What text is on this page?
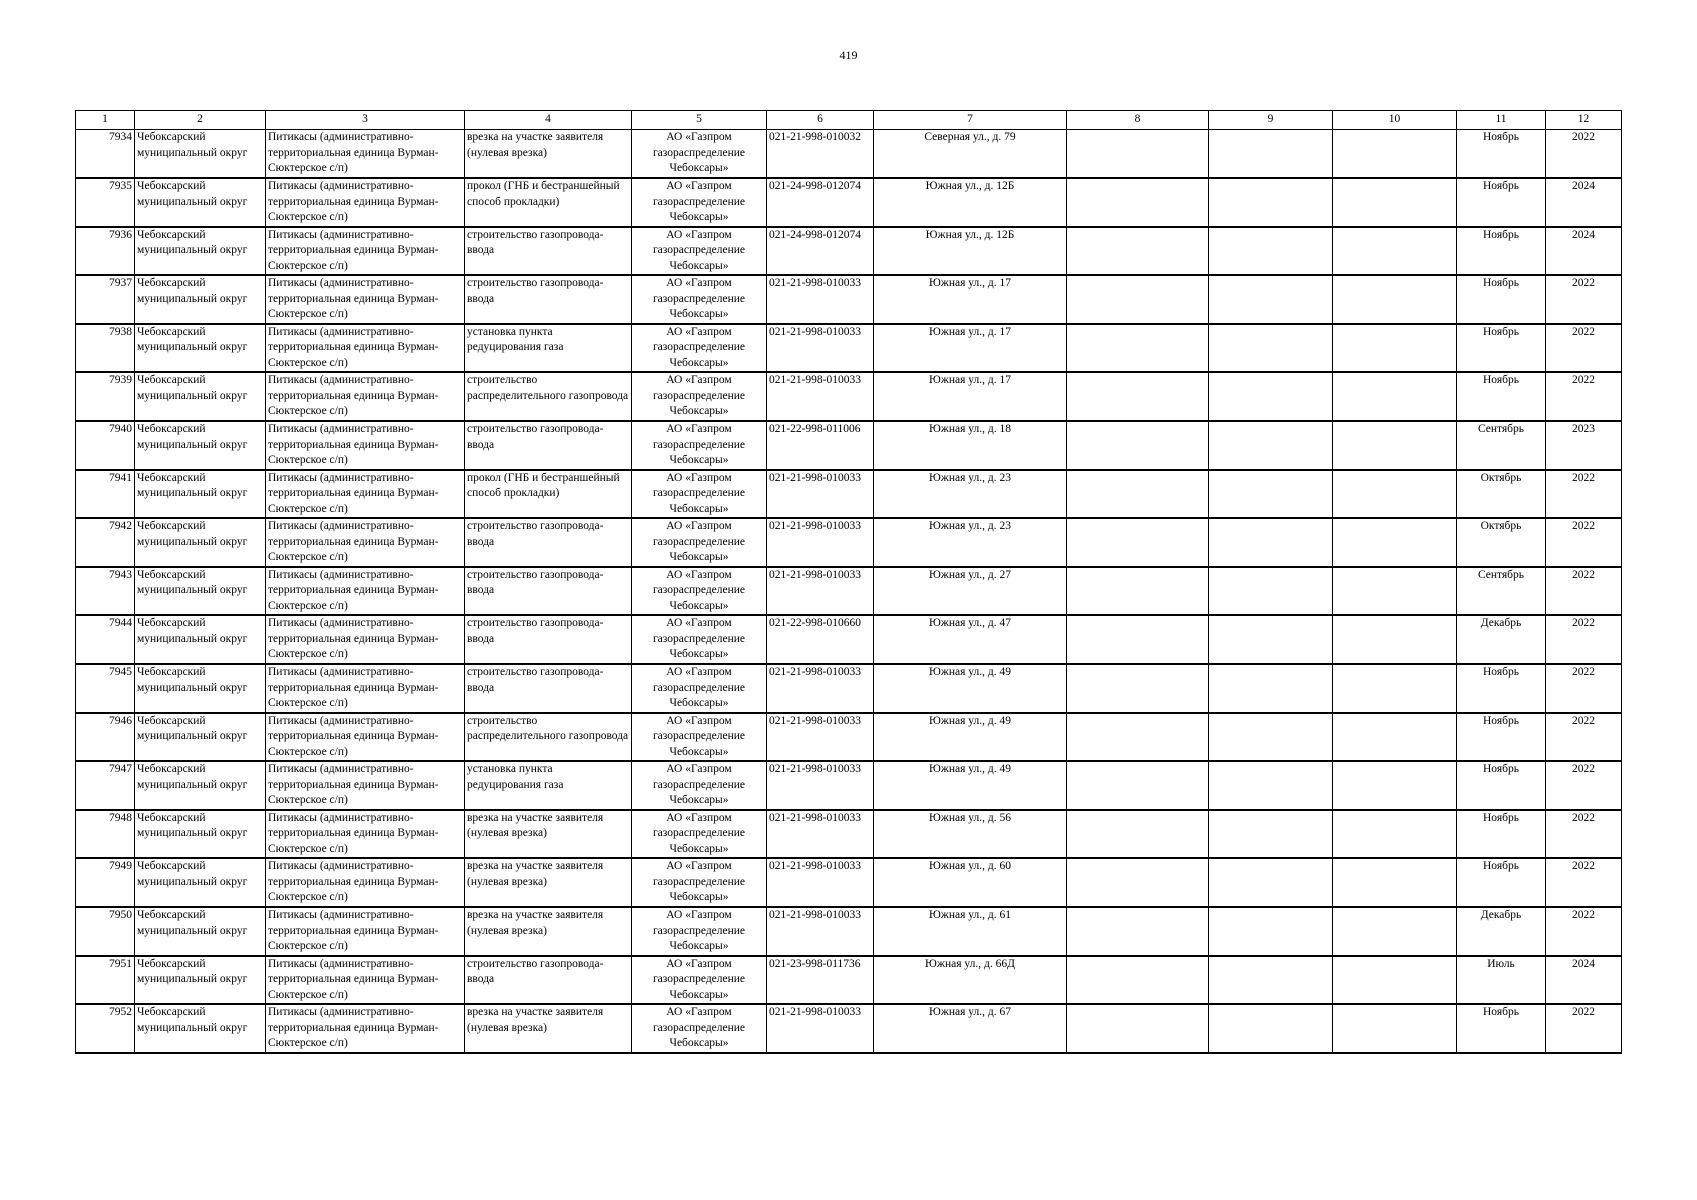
419
1	2	3	4	5	6	7	8	9	10	11	12
7934	Чебоксарский муниципальный округ	Питикасы (административно-территориальная единица Вурман-Сюктерское с/п)	врезка на участке заявителя (нулевая врезка)	АО «Газпром газораспределение Чебоксары»	021-21-998-010032	Северная ул., д. 79				Ноябрь	2022
7935	Чебоксарский муниципальный округ	Питикасы (административно-территориальная единица Вурман-Сюктерское с/п)	прокол (ГНБ и бестраншейный способ прокладки)	АО «Газпром газораспределение Чебоксары»	021-24-998-012074	Южная ул., д. 12Б				Ноябрь	2024
7936	Чебоксарский муниципальный округ	Питикасы (административно-территориальная единица Вурман-Сюктерское с/п)	строительство газопровода-ввода	АО «Газпром газораспределение Чебоксары»	021-24-998-012074	Южная ул., д. 12Б				Ноябрь	2024
7937	Чебоксарский муниципальный округ	Питикасы (административно-территориальная единица Вурман-Сюктерское с/п)	строительство газопровода-ввода	АО «Газпром газораспределение Чебоксары»	021-21-998-010033	Южная ул., д. 17				Ноябрь	2022
7938	Чебоксарский муниципальный округ	Питикасы (административно-территориальная единица Вурман-Сюктерское с/п)	установка пункта редуцирования газа	АО «Газпром газораспределение Чебоксары»	021-21-998-010033	Южная ул., д. 17				Ноябрь	2022
7939	Чебоксарский муниципальный округ	Питикасы (административно-территориальная единица Вурман-Сюктерское с/п)	строительство распределительного газопровода	АО «Газпром газораспределение Чебоксары»	021-21-998-010033	Южная ул., д. 17				Ноябрь	2022
7940	Чебоксарский муниципальный округ	Питикасы (административно-территориальная единица Вурман-Сюктерское с/п)	строительство газопровода-ввода	АО «Газпром газораспределение Чебоксары»	021-22-998-011006	Южная ул., д. 18				Сентябрь	2023
7941	Чебоксарский муниципальный округ	Питикасы (административно-территориальная единица Вурман-Сюктерское с/п)	прокол (ГНБ и бестраншейный способ прокладки)	АО «Газпром газораспределение Чебоксары»	021-21-998-010033	Южная ул., д. 23				Октябрь	2022
7942	Чебоксарский муниципальный округ	Питикасы (административно-территориальная единица Вурман-Сюктерское с/п)	строительство газопровода-ввода	АО «Газпром газораспределение Чебоксары»	021-21-998-010033	Южная ул., д. 23				Октябрь	2022
7943	Чебоксарский муниципальный округ	Питикасы (административно-территориальная единица Вурман-Сюктерское с/п)	строительство газопровода-ввода	АО «Газпром газораспределение Чебоксары»	021-21-998-010033	Южная ул., д. 27				Сентябрь	2022
7944	Чебоксарский муниципальный округ	Питикасы (административно-территориальная единица Вурман-Сюктерское с/п)	строительство газопровода-ввода	АО «Газпром газораспределение Чебоксары»	021-22-998-010660	Южная ул., д. 47				Декабрь	2022
7945	Чебоксарский муниципальный округ	Питикасы (административно-территориальная единица Вурман-Сюктерское с/п)	строительство газопровода-ввода	АО «Газпром газораспределение Чебоксары»	021-21-998-010033	Южная ул., д. 49				Ноябрь	2022
7946	Чебоксарский муниципальный округ	Питикасы (административно-территориальная единица Вурман-Сюктерское с/п)	строительство распределительного газопровода	АО «Газпром газораспределение Чебоксары»	021-21-998-010033	Южная ул., д. 49				Ноябрь	2022
7947	Чебоксарский муниципальный округ	Питикасы (административно-территориальная единица Вурман-Сюктерское с/п)	установка пункта редуцирования газа	АО «Газпром газораспределение Чебоксары»	021-21-998-010033	Южная ул., д. 49				Ноябрь	2022
7948	Чебоксарский муниципальный округ	Питикасы (административно-территориальная единица Вурман-Сюктерское с/п)	врезка на участке заявителя (нулевая врезка)	АО «Газпром газораспределение Чебоксары»	021-21-998-010033	Южная ул., д. 56				Ноябрь	2022
7949	Чебоксарский муниципальный округ	Питикасы (административно-территориальная единица Вурман-Сюктерское с/п)	врезка на участке заявителя (нулевая врезка)	АО «Газпром газораспределение Чебоксары»	021-21-998-010033	Южная ул., д. 60				Ноябрь	2022
7950	Чебоксарский муниципальный округ	Питикасы (административно-территориальная единица Вурман-Сюктерское с/п)	врезка на участке заявителя (нулевая врезка)	АО «Газпром газораспределение Чебоксары»	021-21-998-010033	Южная ул., д. 61				Декабрь	2022
7951	Чебоксарский муниципальный округ	Питикасы (административно-территориальная единица Вурман-Сюктерское с/п)	строительство газопровода-ввода	АО «Газпром газораспределение Чебоксары»	021-23-998-011736	Южная ул., д. 66Д				Июль	2024
7952	Чебоксарский муниципальный округ	Питикасы (административно-территориальная единица Вурман-Сюктерское с/п)	врезка на участке заявителя (нулевая врезка)	АО «Газпром газораспределение Чебоксары»	021-21-998-010033	Южная ул., д. 67				Ноябрь	2022
